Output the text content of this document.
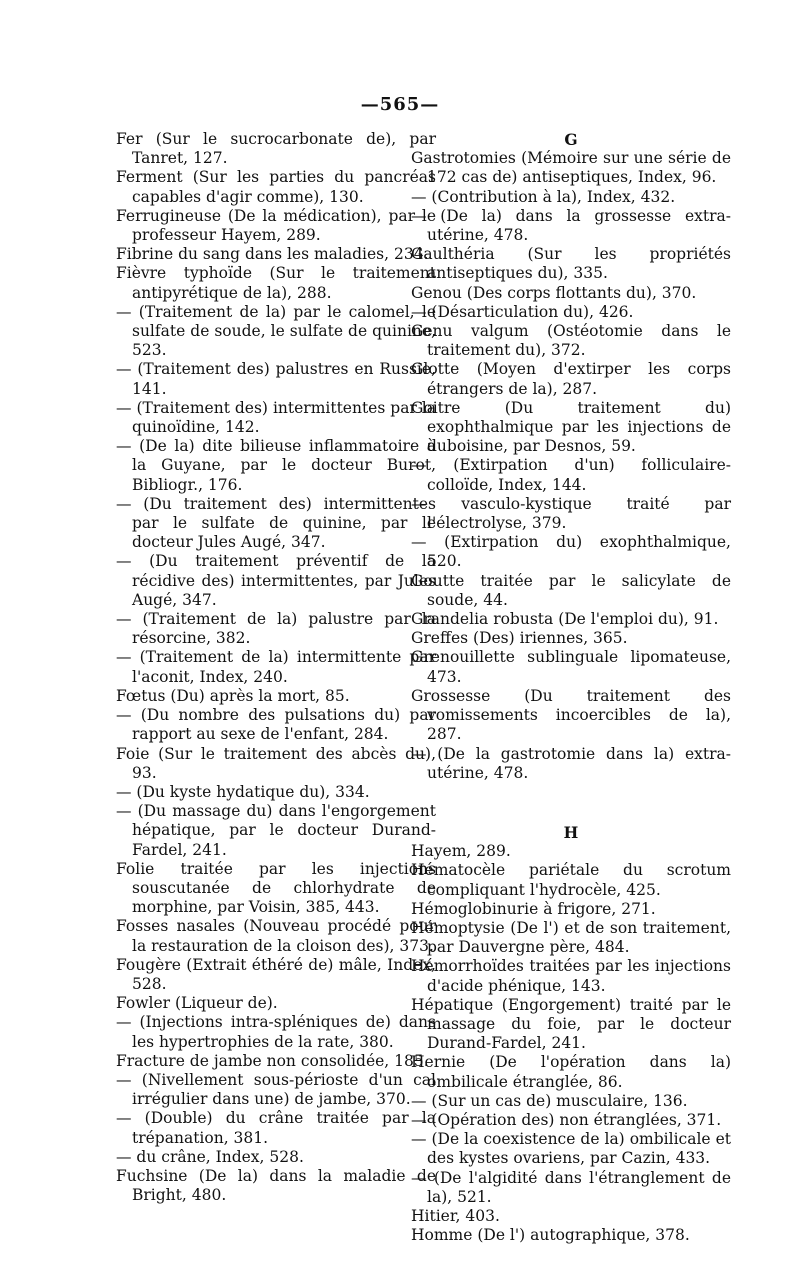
—565—

Fer (Sur le sucrocarbonate de), par Tanret, 127.

Ferment (Sur les parties du pancréas capables d'agir comme), 130.

Ferrugineuse (De la médication), par le professeur Hayem, 289.

Fibrine du sang dans les maladies, 234.

Fièvre typhoïde (Sur le traitement antipyrétique de la), 288.

— (Traitement de la) par le calomel, le sulfate de soude, le sulfate de quinine, 523.

— (Traitement des) palustres en Russie, 141.

— (Traitement des) intermittentes par la quinoïdine, 142.

— (De la) dite bilieuse inflammatoire à la Guyane, par le docteur Burot, Bibliogr., 176.

— (Du traitement des) intermittentes par le sulfate de quinine, par le docteur Jules Augé, 347.

— (Du traitement préventif de la récidive des) intermittentes, par Jules Augé, 347.

— (Traitement de la) palustre par la résorcine, 382.

— (Traitement de la) intermittente par l'aconit, Index, 240.

Fœtus (Du) après la mort, 85.

— (Du nombre des pulsations du) par rapport au sexe de l'enfant, 284.

Foie (Sur le traitement des abcès du), 93.

— (Du kyste hydatique du), 334.

— (Du massage du) dans l'engorgement hépatique, par le docteur Durand-Fardel, 241.

Folie traitée par les injections souscutanée de chlorhydrate de morphine, par Voisin, 385, 443.

Fosses nasales (Nouveau procédé pour la restauration de la cloison des), 373.

Fougère (Extrait éthéré de) mâle, Index, 528.

Fowler (Liqueur de).

— (Injections intra-spléniques de) dans les hypertrophies de la rate, 380.

Fracture de jambe non consolidée, 185.

— (Nivellement sous-périoste d'un cal irrégulier dans une) de jambe, 370.

— (Double) du crâne traitée par la trépanation, 381.

— du crâne, Index, 528.

Fuchsine (De la) dans la maladie de Bright, 480.

G

Gastrotomies (Mémoire sur une série de 172 cas de) antiseptiques, Index, 96.

— (Contribution à la), Index, 432.

— (De la) dans la grossesse extra-utérine, 478.

Gaulthéria (Sur les propriétés antiseptiques du), 335.

Genou (Des corps flottants du), 370.

— (Désarticulation du), 426.

Genu valgum (Ostéotomie dans le traitement du), 372.

Glotte (Moyen d'extirper les corps étrangers de la), 287.

Goitre (Du traitement du) exophthalmique par les injections de duboisine, par Desnos, 59.

— (Extirpation d'un) folliculaire-colloïde, Index, 144.

— vasculo-kystique traité par l'électrolyse, 379.

— (Extirpation du) exophthalmique, 520.

Goutte traitée par le salicylate de soude, 44.

Grandelia robusta (De l'emploi du), 91.

Greffes (Des) iriennes, 365.

Grenouillette sublinguale lipomateuse, 473.

Grossesse (Du traitement des vomissements incoercibles de la), 287.

— (De la gastrotomie dans la) extra-utérine, 478.

H

Hayem, 289.

Hématocèle pariétale du scrotum compliquant l'hydrocèle, 425.

Hémoglobinurie à frigore, 271.

Hémoptysie (De l') et de son traitement, par Dauvergne père, 484.

Hémorrhoïdes traitées par les injections d'acide phénique, 143.

Hépatique (Engorgement) traité par le massage du foie, par le docteur Durand-Fardel, 241.

Hernie (De l'opération dans la) ombilicale étranglée, 86.

— (Sur un cas de) musculaire, 136.

— (Opération des) non étranglées, 371.

— (De la coexistence de la) ombilicale et des kystes ovariens, par Cazin, 433.

— (De l'algidité dans l'étranglement de la), 521.

Hitier, 403.

Homme (De l') autographique, 378.
